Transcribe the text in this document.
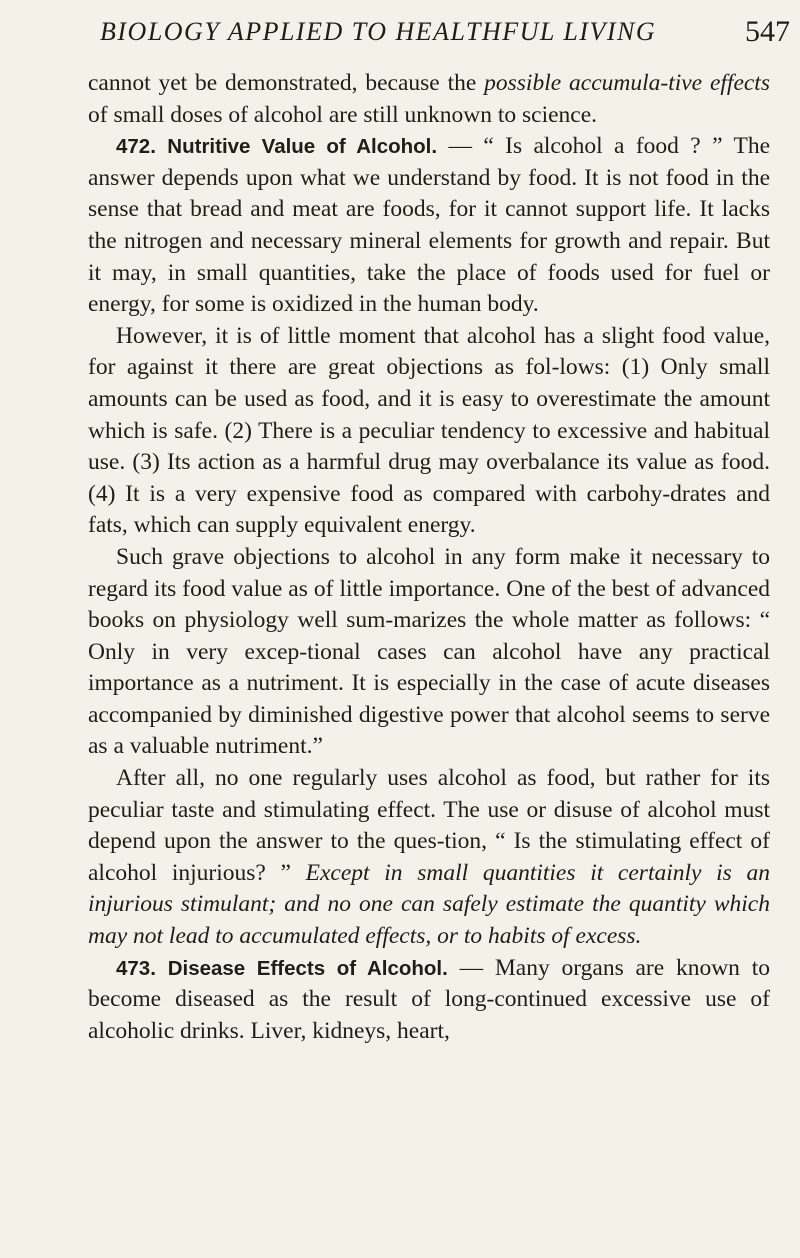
BIOLOGY APPLIED TO HEALTHFUL LIVING	547

cannot yet be demonstrated, because the possible accumula-tive effects of small doses of alcohol are still unknown to science.

472. Nutritive Value of Alcohol. — “ Is alcohol a food ? ” The answer depends upon what we understand by food. It is not food in the sense that bread and meat are foods, for it cannot support life. It lacks the nitrogen and necessary mineral elements for growth and repair. But it may, in small quantities, take the place of foods used for fuel or energy, for some is oxidized in the human body.

However, it is of little moment that alcohol has a slight food value, for against it there are great objections as fol-lows: (1) Only small amounts can be used as food, and it is easy to overestimate the amount which is safe. (2) There is a peculiar tendency to excessive and habitual use. (3) Its action as a harmful drug may overbalance its value as food. (4) It is a very expensive food as compared with carbohy-drates and fats, which can supply equivalent energy.

Such grave objections to alcohol in any form make it necessary to regard its food value as of little importance. One of the best of advanced books on physiology well sum-marizes the whole matter as follows: “ Only in very excep-tional cases can alcohol have any practical importance as a nutriment. It is especially in the case of acute diseases accompanied by diminished digestive power that alcohol seems to serve as a valuable nutriment.”

After all, no one regularly uses alcohol as food, but rather for its peculiar taste and stimulating effect. The use or disuse of alcohol must depend upon the answer to the ques-tion, “ Is the stimulating effect of alcohol injurious? ” Except in small quantities it certainly is an injurious stimulant; and no one can safely estimate the quantity which may not lead to accumulated effects, or to habits of excess.

473. Disease Effects of Alcohol. — Many organs are known to become diseased as the result of long-continued excessive use of alcoholic drinks. Liver, kidneys, heart,
